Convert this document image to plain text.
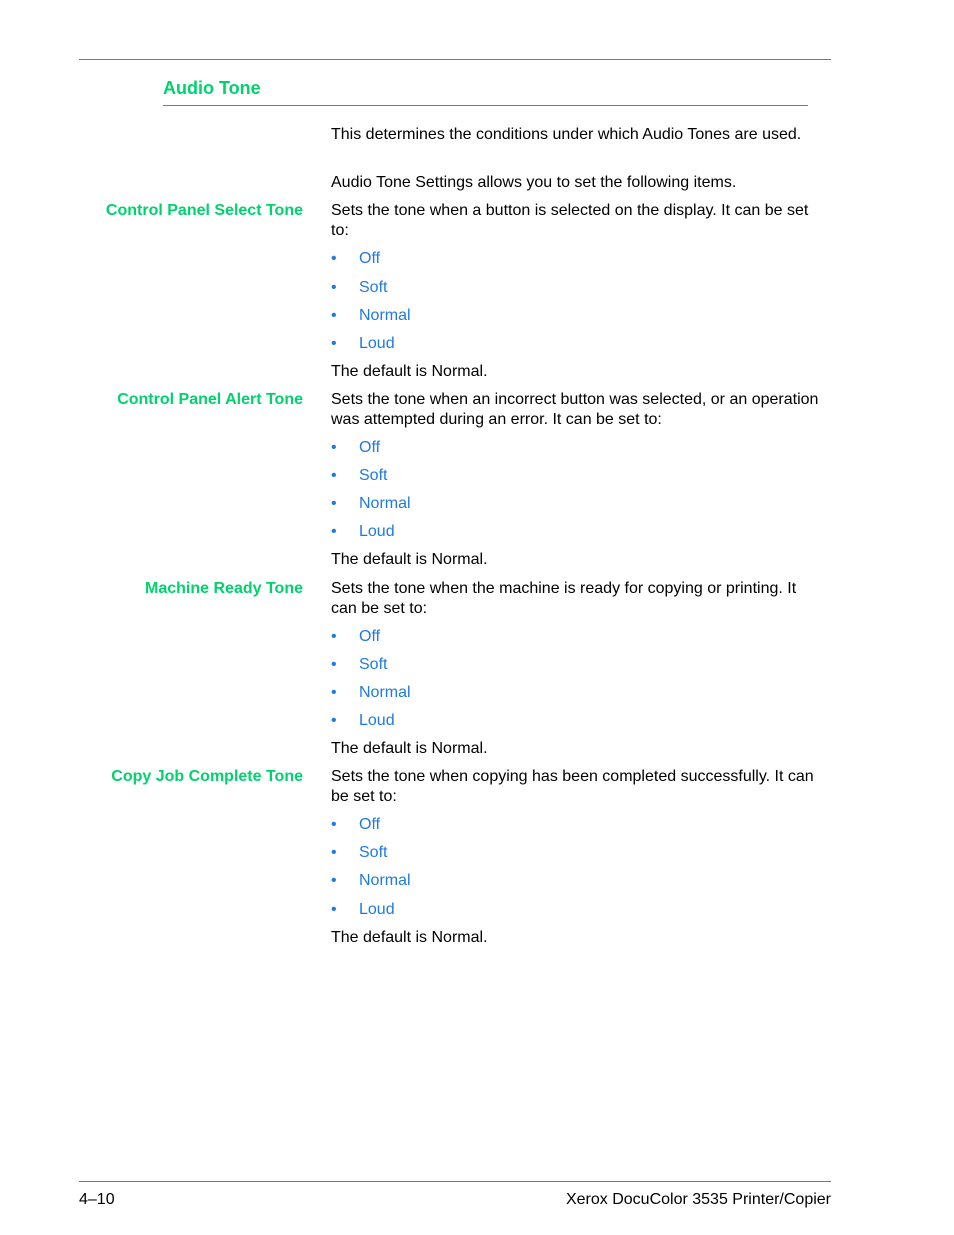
Audio Tone

This determines the conditions under which Audio Tones are used.

Audio Tone Settings allows you to set the following items.

Control Panel Select Tone Sets the tone when a button is selected on the display. It can be set to:

•	Off
•	Soft
•	Normal
•	Loud

The default is Normal.

Control Panel Alert Tone Sets the tone when an incorrect button was selected, or an operation was attempted during an error. It can be set to:

•	Off
•	Soft
•	Normal
•	Loud

The default is Normal.

Machine Ready Tone Sets the tone when the machine is ready for copying or printing. It can be set to:

•	Off
•	Soft
•	Normal
•	Loud

The default is Normal.

Copy Job Complete Tone Sets the tone when copying has been completed successfully. It can be set to:

•	Off
•	Soft
•	Normal
•	Loud

The default is Normal.

4–10	Xerox DocuColor 3535 Printer/Copier
